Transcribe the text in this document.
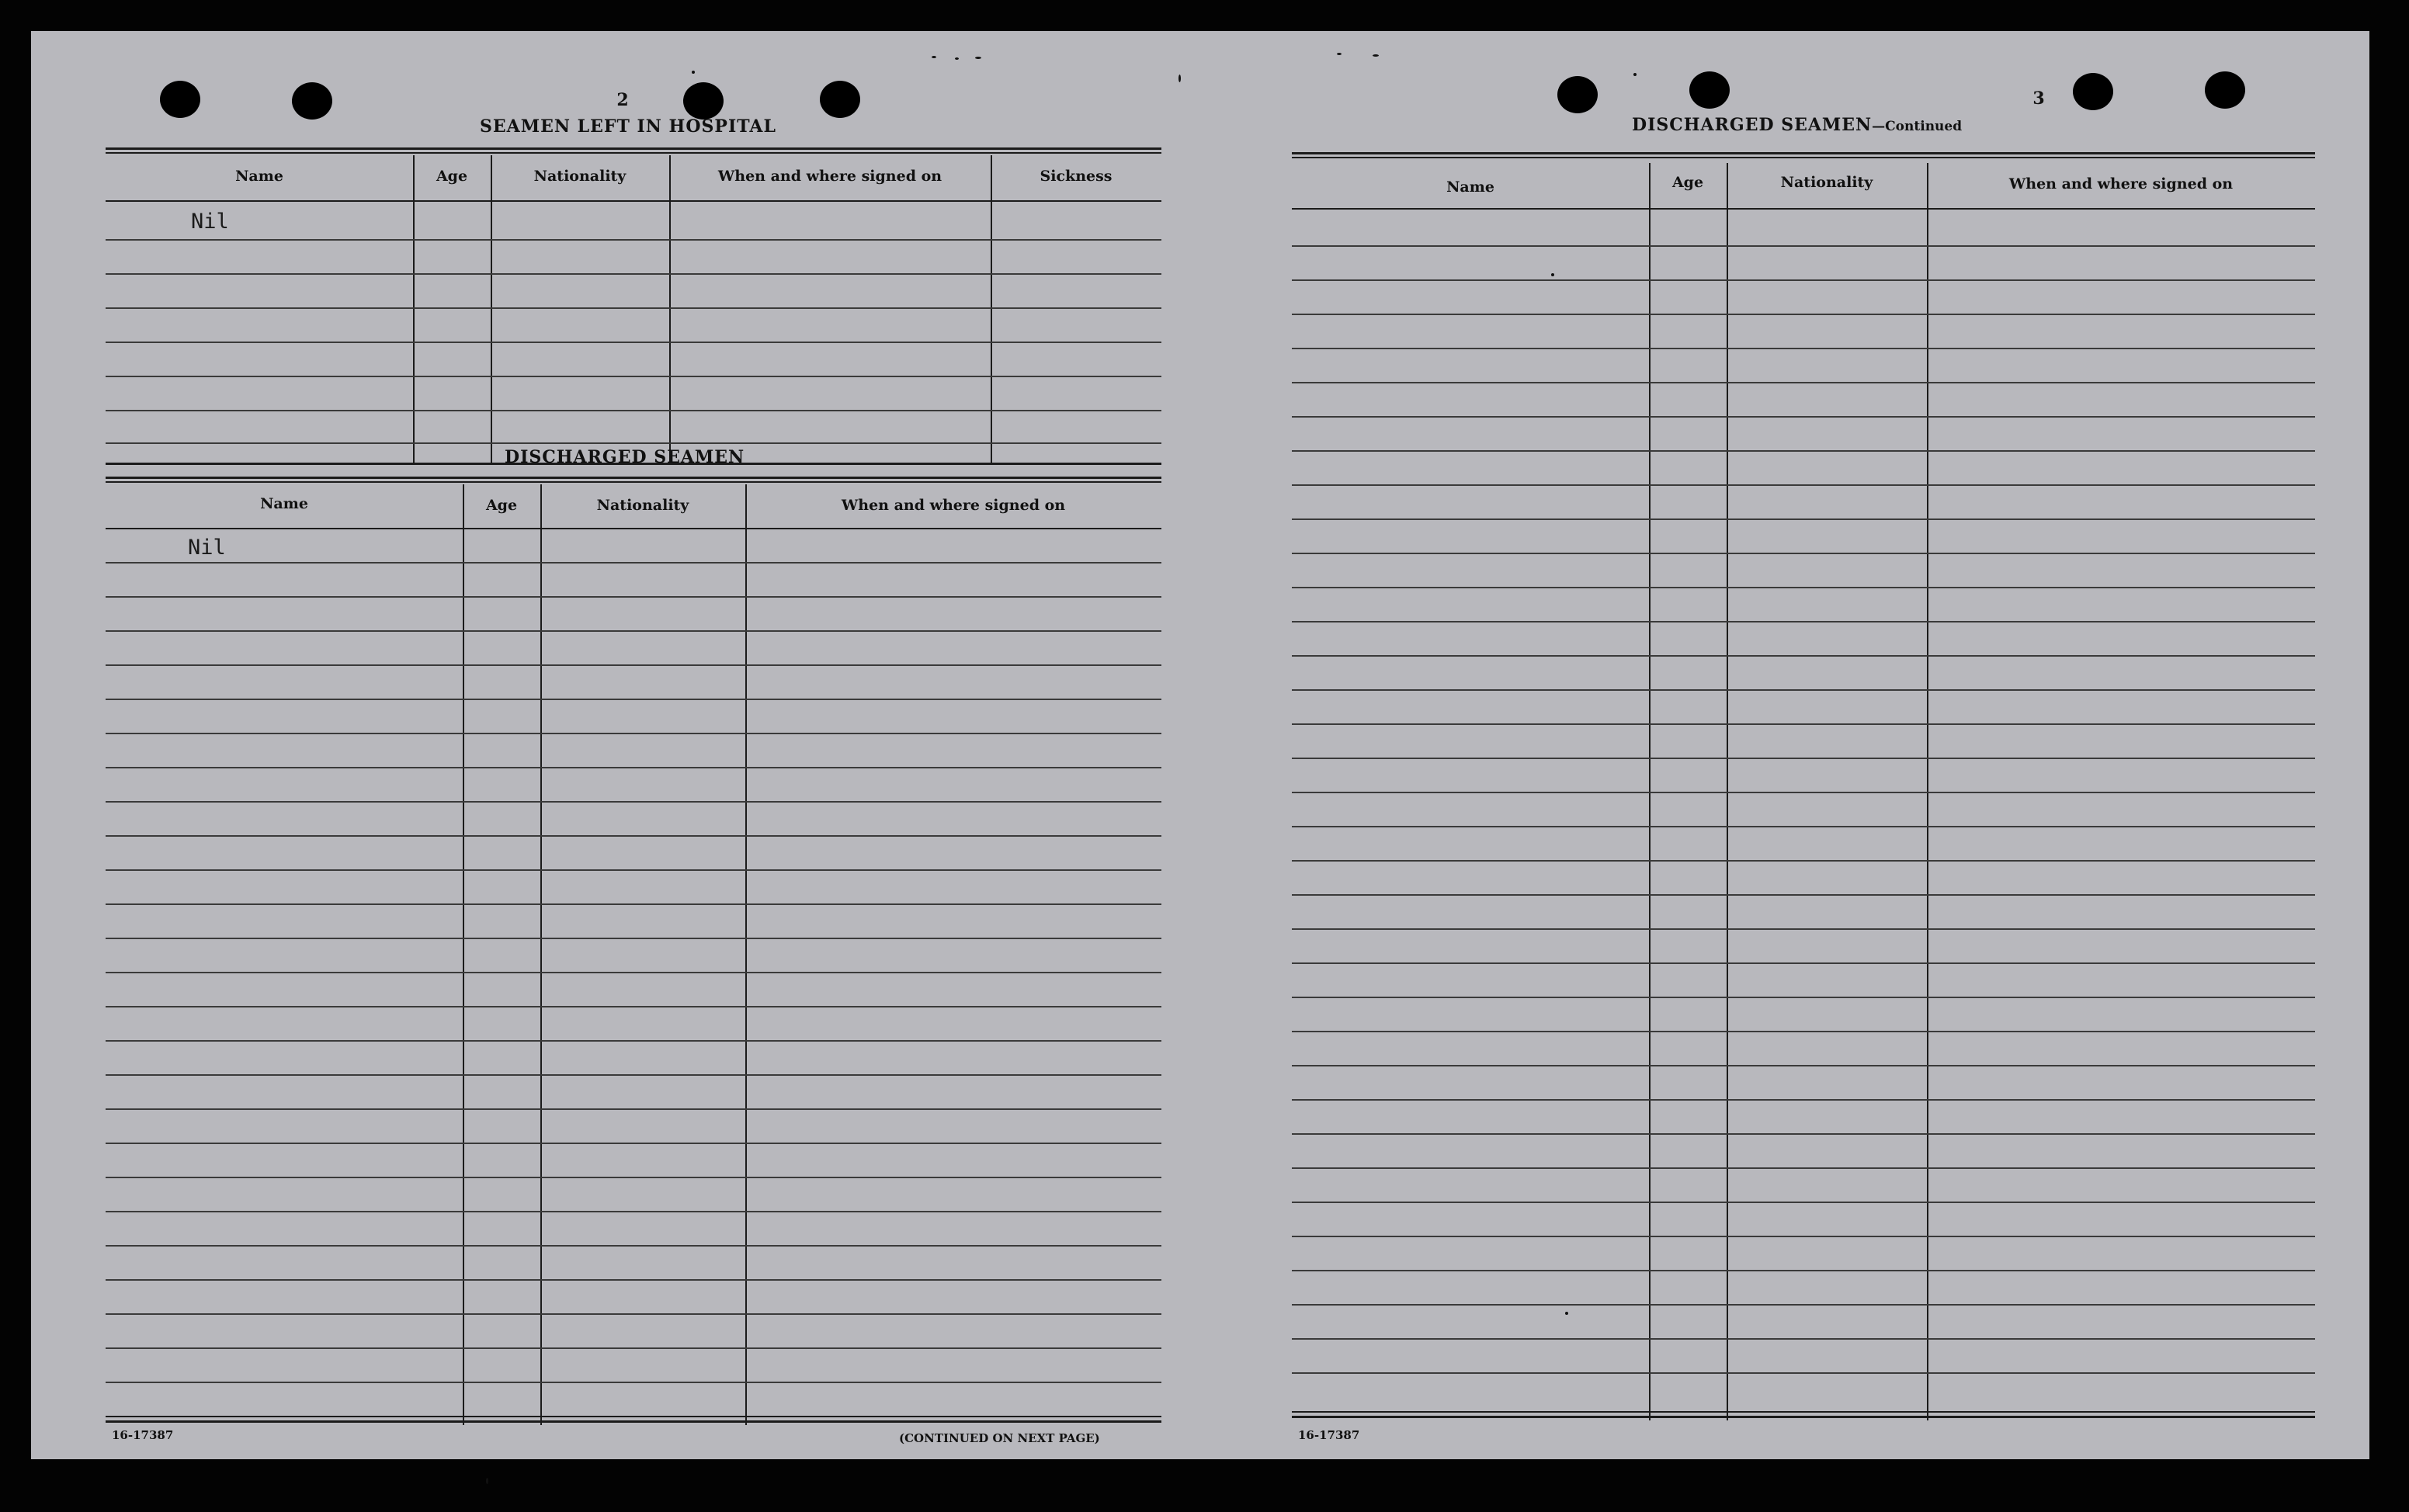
2
SEAMEN LEFT IN HOSPITAL
Name	Age	Nationality	When and where signed on	Sickness
Nil
DISCHARGED SEAMEN
Name	Age	Nationality	When and where signed on
Nil
16-17387	(CONTINUED ON NEXT PAGE)
3
DISCHARGED SEAMEN—Continued
Name	Age	Nationality	When and where signed on
16-17387
